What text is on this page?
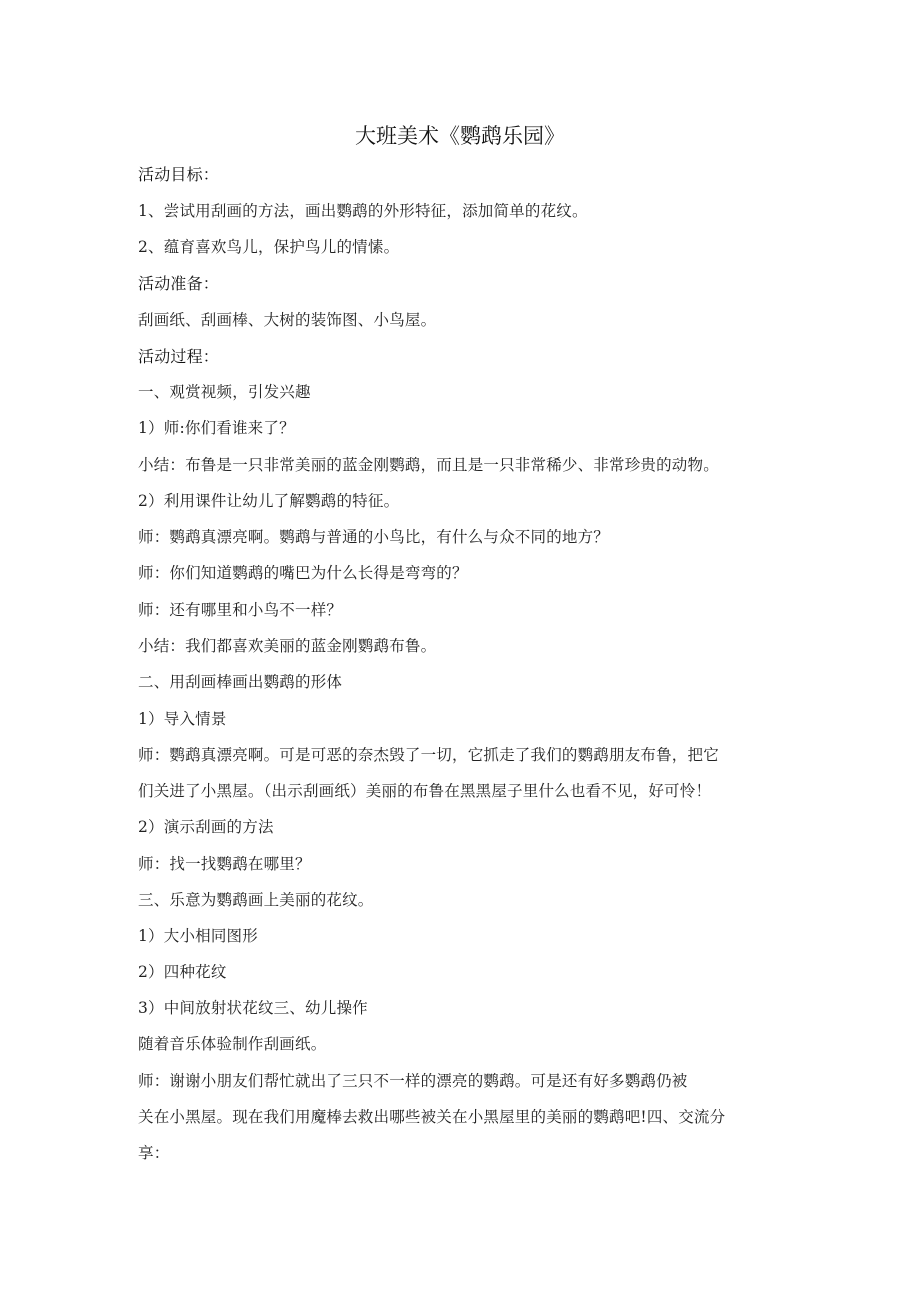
大班美术《鹦鹉乐园》
活动目标：
1、尝试用刮画的方法，画出鹦鹉的外形特征，添加简单的花纹。
2、蕴育喜欢鸟儿，保护鸟儿的情愫。
活动准备：
刮画纸、刮画棒、大树的装饰图、小鸟屋。
活动过程：
一、观赏视频，引发兴趣
1）师:你们看谁来了？
小结：布鲁是一只非常美丽的蓝金刚鹦鹉，而且是一只非常稀少、非常珍贵的动物。
2）利用课件让幼儿了解鹦鹉的特征。
师：鹦鹉真漂亮啊。鹦鹉与普通的小鸟比，有什么与众不同的地方？
师：你们知道鹦鹉的嘴巴为什么长得是弯弯的？
师：还有哪里和小鸟不一样？
小结：我们都喜欢美丽的蓝金刚鹦鹉布鲁。
二、用刮画棒画出鹦鹉的形体
1）导入情景
师：鹦鹉真漂亮啊。可是可恶的奈杰毁了一切，它抓走了我们的鹦鹉朋友布鲁，把它
们关进了小黑屋。（出示刮画纸）美丽的布鲁在黑黑屋子里什么也看不见，好可怜！
2）演示刮画的方法
师：找一找鹦鹉在哪里？
三、乐意为鹦鹉画上美丽的花纹。
1）大小相同图形
2）四种花纹
3）中间放射状花纹三、幼儿操作
随着音乐体验制作刮画纸。
师：谢谢小朋友们帮忙就出了三只不一样的漂亮的鹦鹉。可是还有好多鹦鹉仍被
关在小黑屋。现在我们用魔棒去救出哪些被关在小黑屋里的美丽的鹦鹉吧!四、交流分
享：
